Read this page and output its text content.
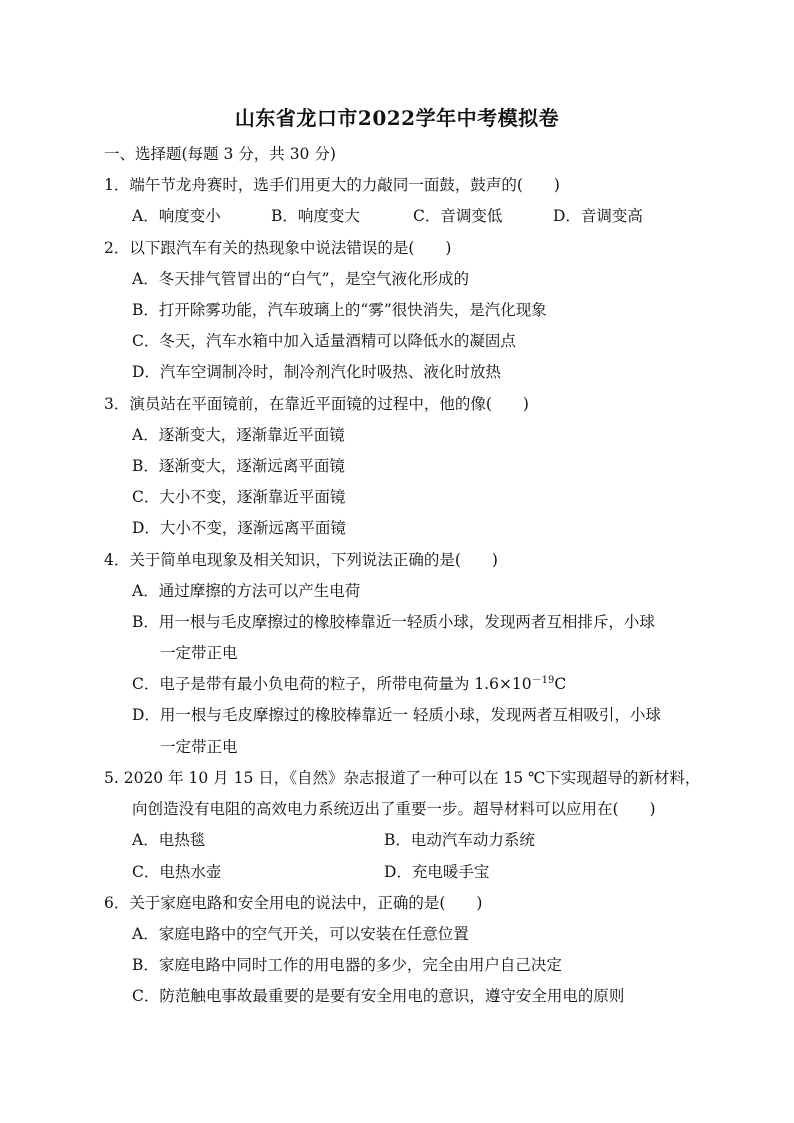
山东省龙口市2022学年中考模拟卷
一、选择题(每题 3 分，共 30 分)
1．端午节龙舟赛时，选手们用更大的力敲同一面鼓，鼓声的(　　)
A．响度变小	B．响度变大	C．音调变低	D．音调变高
2．以下跟汽车有关的热现象中说法错误的是(　　)
A．冬天排气管冒出的“白气”，是空气液化形成的
B．打开除雾功能，汽车玻璃上的“雾”很快消失，是汽化现象
C．冬天，汽车水箱中加入适量酒精可以降低水的凝固点
D．汽车空调制冷时，制冷剂汽化时吸热、液化时放热
3．演员站在平面镜前，在靠近平面镜的过程中，他的像(　　)
A．逐渐变大，逐渐靠近平面镜
B．逐渐变大，逐渐远离平面镜
C．大小不变，逐渐靠近平面镜
D．大小不变，逐渐远离平面镜
4．关于简单电现象及相关知识，下列说法正确的是(　　)
A．通过摩擦的方法可以产生电荷
B．用一根与毛皮摩擦过的橡胶棒靠近一轻质小球，发现两者互相排斥，小球
一定带正电
C．电子是带有最小负电荷的粒子，所带电荷量为 $1.6\times 10^{-19}C$
D．用一根与毛皮摩擦过的橡胶棒靠近一 轻质小球，发现两者互相吸引，小球
一定带正电
5. 2020 年 10 月 15 日，《自然》杂志报道了一种可以在 15 ℃下实现超导的新材料，
向创造没有电阻的高效电力系统迈出了重要一步。超导材料可以应用在(　　)
A．电热毯	B．电动汽车动力系统
C．电热水壶	D．充电暖手宝
6．关于家庭电路和安全用电的说法中，正确的是(　　)
A．家庭电路中的空气开关，可以安装在任意位置
B．家庭电路中同时工作的用电器的多少，完全由用户自己决定
C．防范触电事故最重要的是要有安全用电的意识，遵守安全用电的原则
